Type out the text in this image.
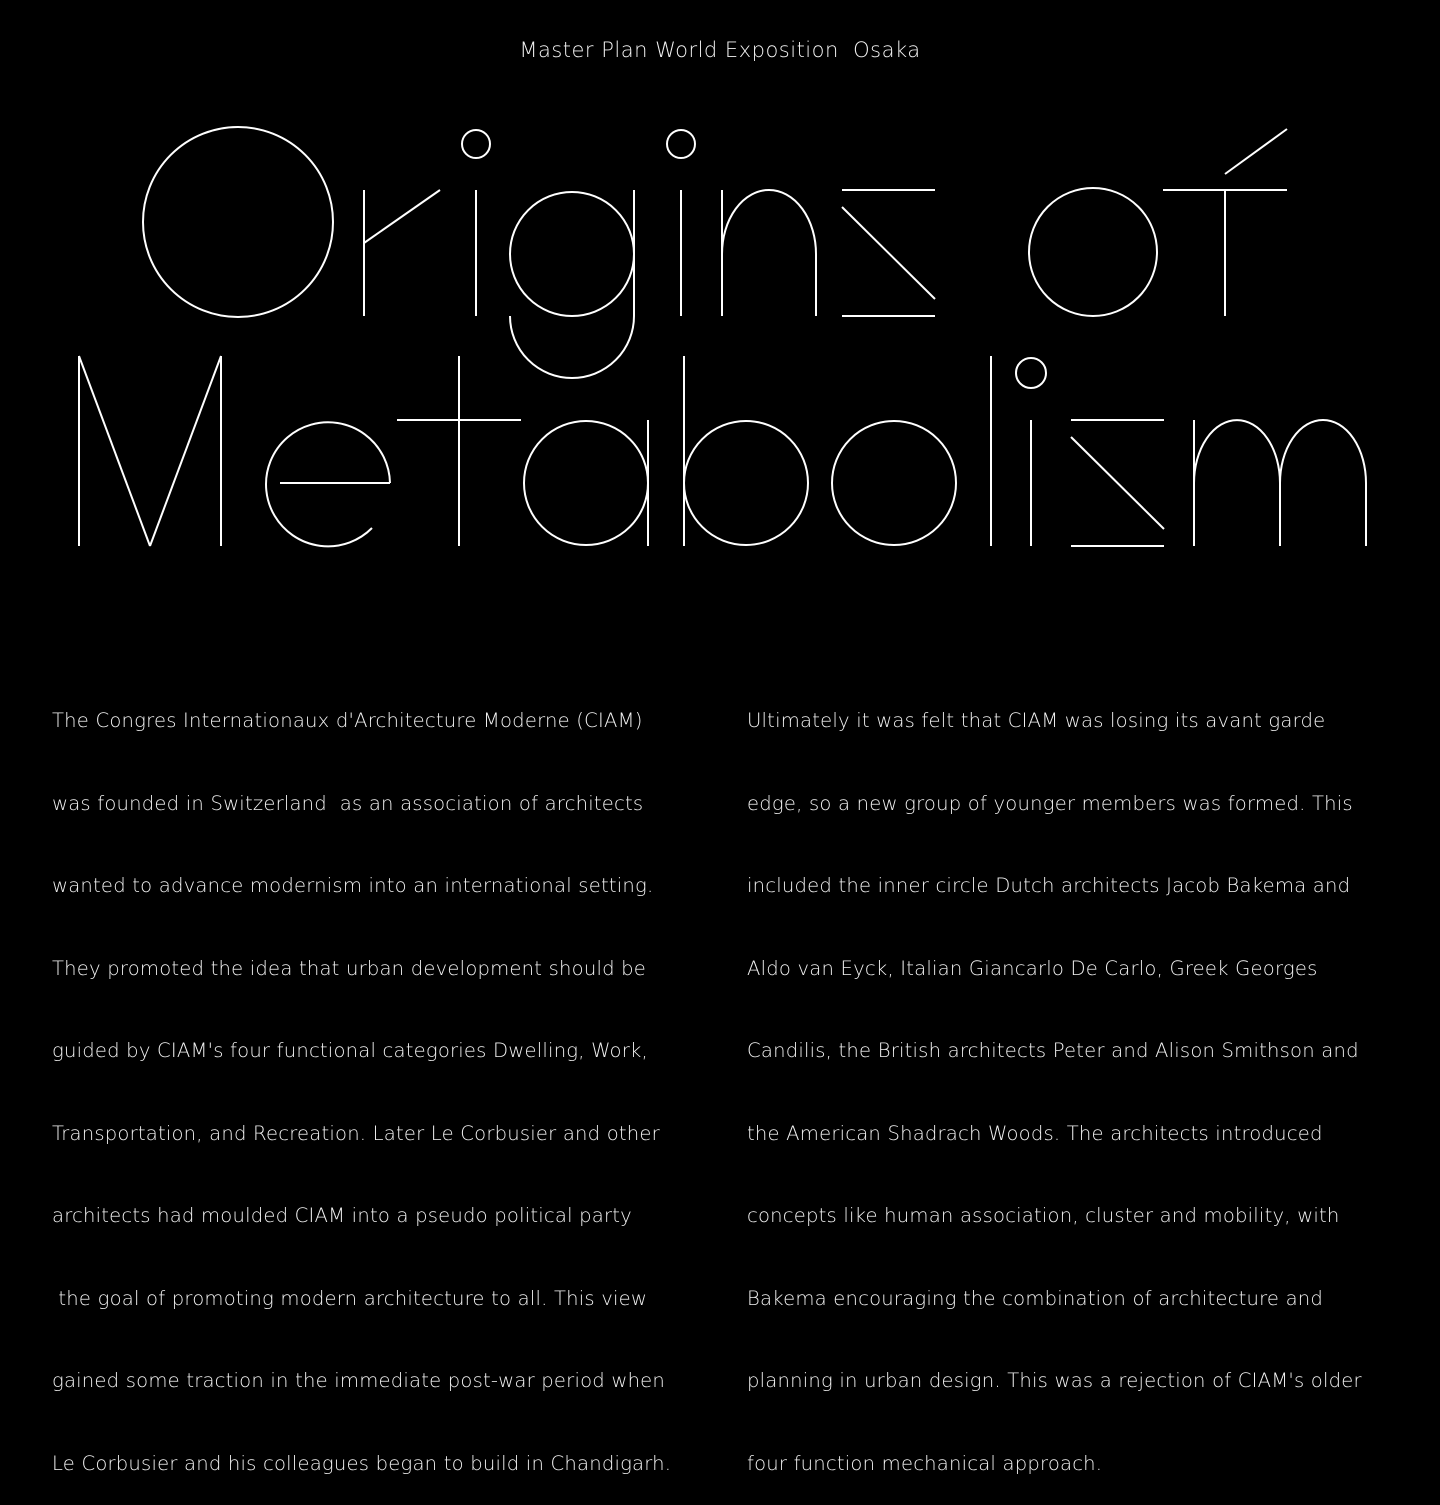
Master Plan World Exposition  Osaka

The Congres Internationaux d'Architecture Moderne (CIAM)

was founded in Switzerland  as an association of architects

wanted to advance modernism into an international setting.

They promoted the idea that urban development should be

guided by CIAM's four functional categories Dwelling, Work,

Transportation, and Recreation. Later Le Corbusier and other

architects had moulded CIAM into a pseudo political party

the goal of promoting modern architecture to all. This view

gained some traction in the immediate post-war period when

Le Corbusier and his colleagues began to build in Chandigarh.

Ultimately it was felt that CIAM was losing its avant garde

edge, so a new group of younger members was formed. This

included the inner circle Dutch architects Jacob Bakema and

Aldo van Eyck, Italian Giancarlo De Carlo, Greek Georges

Candilis, the British architects Peter and Alison Smithson and

the American Shadrach Woods. The architects introduced

concepts like human association, cluster and mobility, with

Bakema encouraging the combination of architecture and

planning in urban design. This was a rejection of CIAM's older

four function mechanical approach.
